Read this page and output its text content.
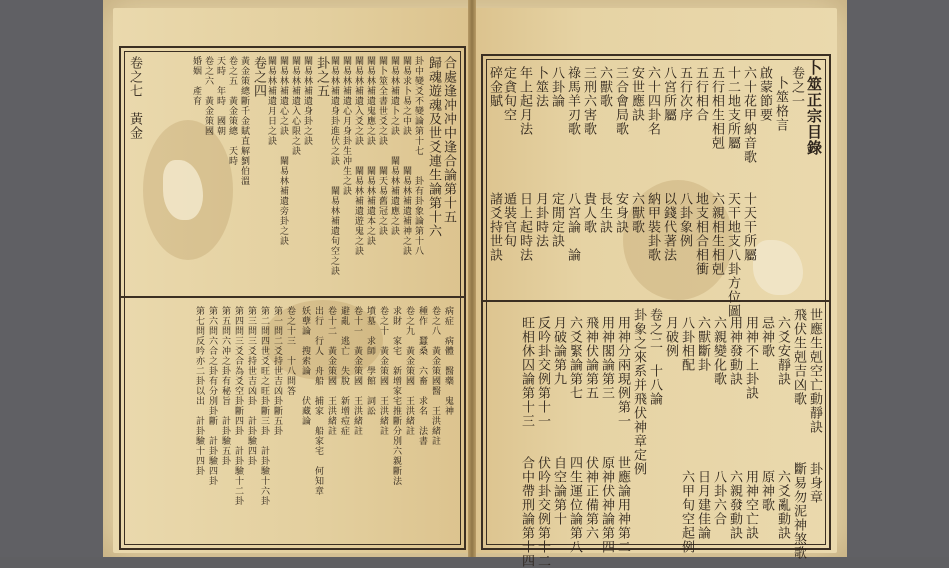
卜筮正宗目錄
卷之一
卜筮格言
啟蒙節要
六十花甲納音歌　　十天干所屬
十二地支所屬　　　天干地支八卦方位圖
五行相生相剋　　　六親相生相剋
五行相合　　　　　地支相合相衝
五行次序　　　　　八卦象例
八宮所屬　　　　　以錢代著法
六十四卦名　　　　納甲裝卦歌
安世應訣　　　　　六獸歌
三合會局歌　　　　安身訣
六獸歌　　　　　　長生訣
三刑六害歌　　　　貴人歌
祿馬羊刃歌　　　　八宮論　論
八卦論　　　　　　定閒定訣
卜筮法　　　　　　月卦時法
年上起月法　　　　日上起時法
定貪旬空　　　　　遁裝官旬
碎金賦　　　　　　諸爻持世訣
世應生剋空亡動靜訣　　卦身章
飛伏生剋吉凶歌　　　　斷易勿泥神煞歌
六爻安靜訣　　　　　　六爻亂動訣
忌神歌　　　　　　　　原神歌
用神不上卦訣　　　　　用神空亡訣
用神發動訣　　　　　　六親發動訣
六親變化歌　　　　　　八卦六合
六獸斷卦　　　　　　　日月建佳論
八卦相配　　　　　　　六甲旬空起例
月破例
卷之二　十八論
卦象之來系并飛伏神章定例
用神分兩現例第一　　世應論用神第二
用神閣論第三　　　　原神伏神論第四
飛神伏論第五　　　　伏神正備第六
六爻緊論第七　　　　四生運位論第八
月破論第九　　　　　自空論第十
反吟卦交例第十一　　伏吟卦交例第十二
旺相休囚論第十三　　合中帶刑論第十四
合處逢冲冲中逢合論第十五
歸魂遊魂及世爻連生論第十六
卦中變爻不變論第十七　　卦有卦象論第十八
闡易求卜易之中訣　　　闡易林補遺補神之訣
闡易林補遺卜之訣　　闡易林補遺應之訣
闡卜筮全書世爻之訣　　闡天易舊冠之訣
闡易林補遺鬼應之訣　　闡易林補遺本之訣
闡易林補遺入爻之訣　　闡易林補遺遊鬼之訣
闡易林補遺心月身卦生冲生之訣
闡易林補遺身卦進伏之訣　　闡易林補遺旬空之訣
卦之五
闡易林補遺身卦之訣
闡易林補遺入心限之訣
闡易林補遺心之訣　　闡易林補遺旁卦之訣
闡易林補遺月日之訣
卷之四
黃金策總斷千金賦直解劉伯溫
卷之五　黃金策總　天時
天時　年時　國朝
卷之六　黃金策國
婚姻　產育
卷之七　黃金
病症　病體　醫藥　鬼神
卷之八　黃金策國醫　王洪緒註
種作　蠶桑　六畜　求名　法書
卷之九　黃金策國　王洪緒註
求財　家宅　新增家宅推斷分別六親斷法
卷之十　黃金策國　王洪緒註
墳墓　求師　學館　詞訟
卷十一　黃金策國　王洪緒註
避亂　逃亡　失脫　新增痘症
卷十二　黃金策國　王洪緒註
出行　行人　舟船　捕家　船家宅　何知章
妖孽論　搜索論　　伏藏論
卷之十三　十八問答
第一問二爻持世吉凶卦斷五卦
第二問四世爻旺之旺卦斷三卦　計卦驗十六卦
第三問三爻持世吉凶卦　計卦驗四卦
第四問三爻合為爻空卦斷四卦　計卦驗十二卦
第五問六冲之卦有秘旨　計卦驗五卦
第六問六合之卦有分別卦斷　計卦驗四卦
第七問反吟亦二卦以出　計卦驗十四卦
